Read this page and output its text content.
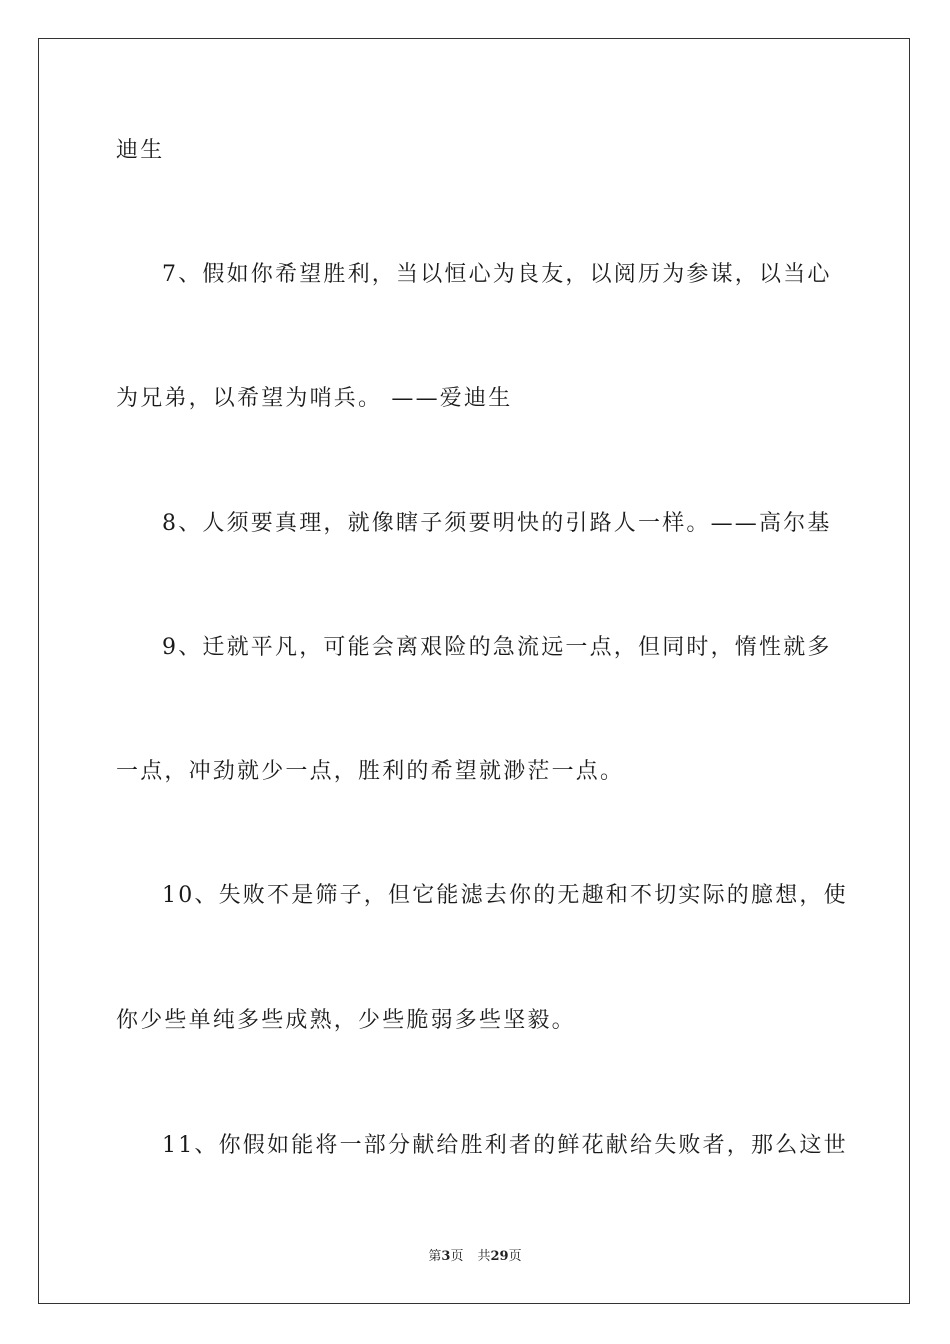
迪生
7、假如你希望胜利，当以恒心为良友，以阅历为参谋，以当心
为兄弟，以希望为哨兵。 ——爱迪生
8、人须要真理，就像瞎子须要明快的引路人一样。——高尔基
9、迁就平凡，可能会离艰险的急流远一点，但同时，惰性就多
一点，冲劲就少一点，胜利的希望就渺茫一点。
10、失败不是筛子，但它能滤去你的无趣和不切实际的臆想，使
你少些单纯多些成熟，少些脆弱多些坚毅。
11、你假如能将一部分献给胜利者的鲜花献给失败者，那么这世
第3页 共29页
